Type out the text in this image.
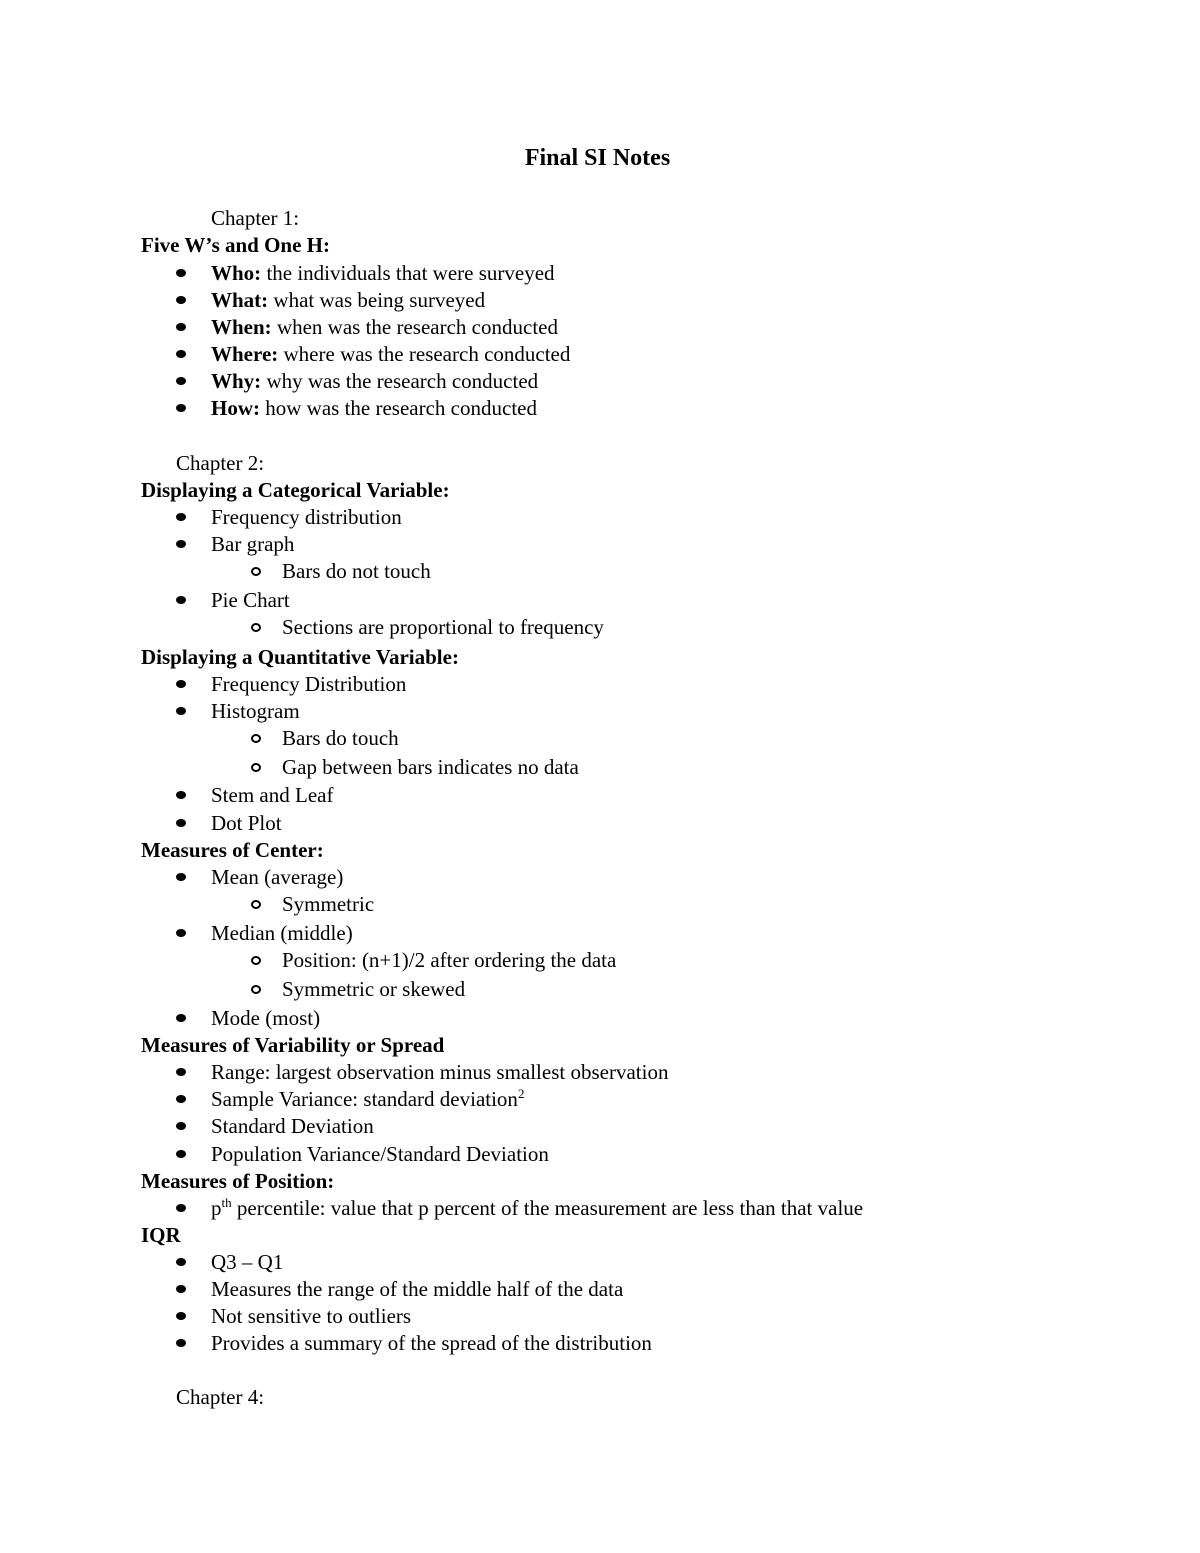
Final SI Notes
Chapter 1:
Five W’s and One H:
Who: the individuals that were surveyed
What: what was being surveyed
When: when was the research conducted
Where: where was the research conducted
Why: why was the research conducted
How: how was the research conducted
Chapter 2:
Displaying a Categorical Variable:
Frequency distribution
Bar graph
Bars do not touch
Pie Chart
Sections are proportional to frequency
Displaying a Quantitative Variable:
Frequency Distribution
Histogram
Bars do touch
Gap between bars indicates no data
Stem and Leaf
Dot Plot
Measures of Center:
Mean (average)
Symmetric
Median (middle)
Position: (n+1)/2 after ordering the data
Symmetric or skewed
Mode (most)
Measures of Variability or Spread
Range: largest observation minus smallest observation
Sample Variance: standard deviation$^2$
Standard Deviation
Population Variance/Standard Deviation
Measures of Position:
$p^{th}$ percentile: value that p percent of the measurement are less than that value
IQR
Q3 – Q1
Measures the range of the middle half of the data
Not sensitive to outliers
Provides a summary of the spread of the distribution
Chapter 4:
